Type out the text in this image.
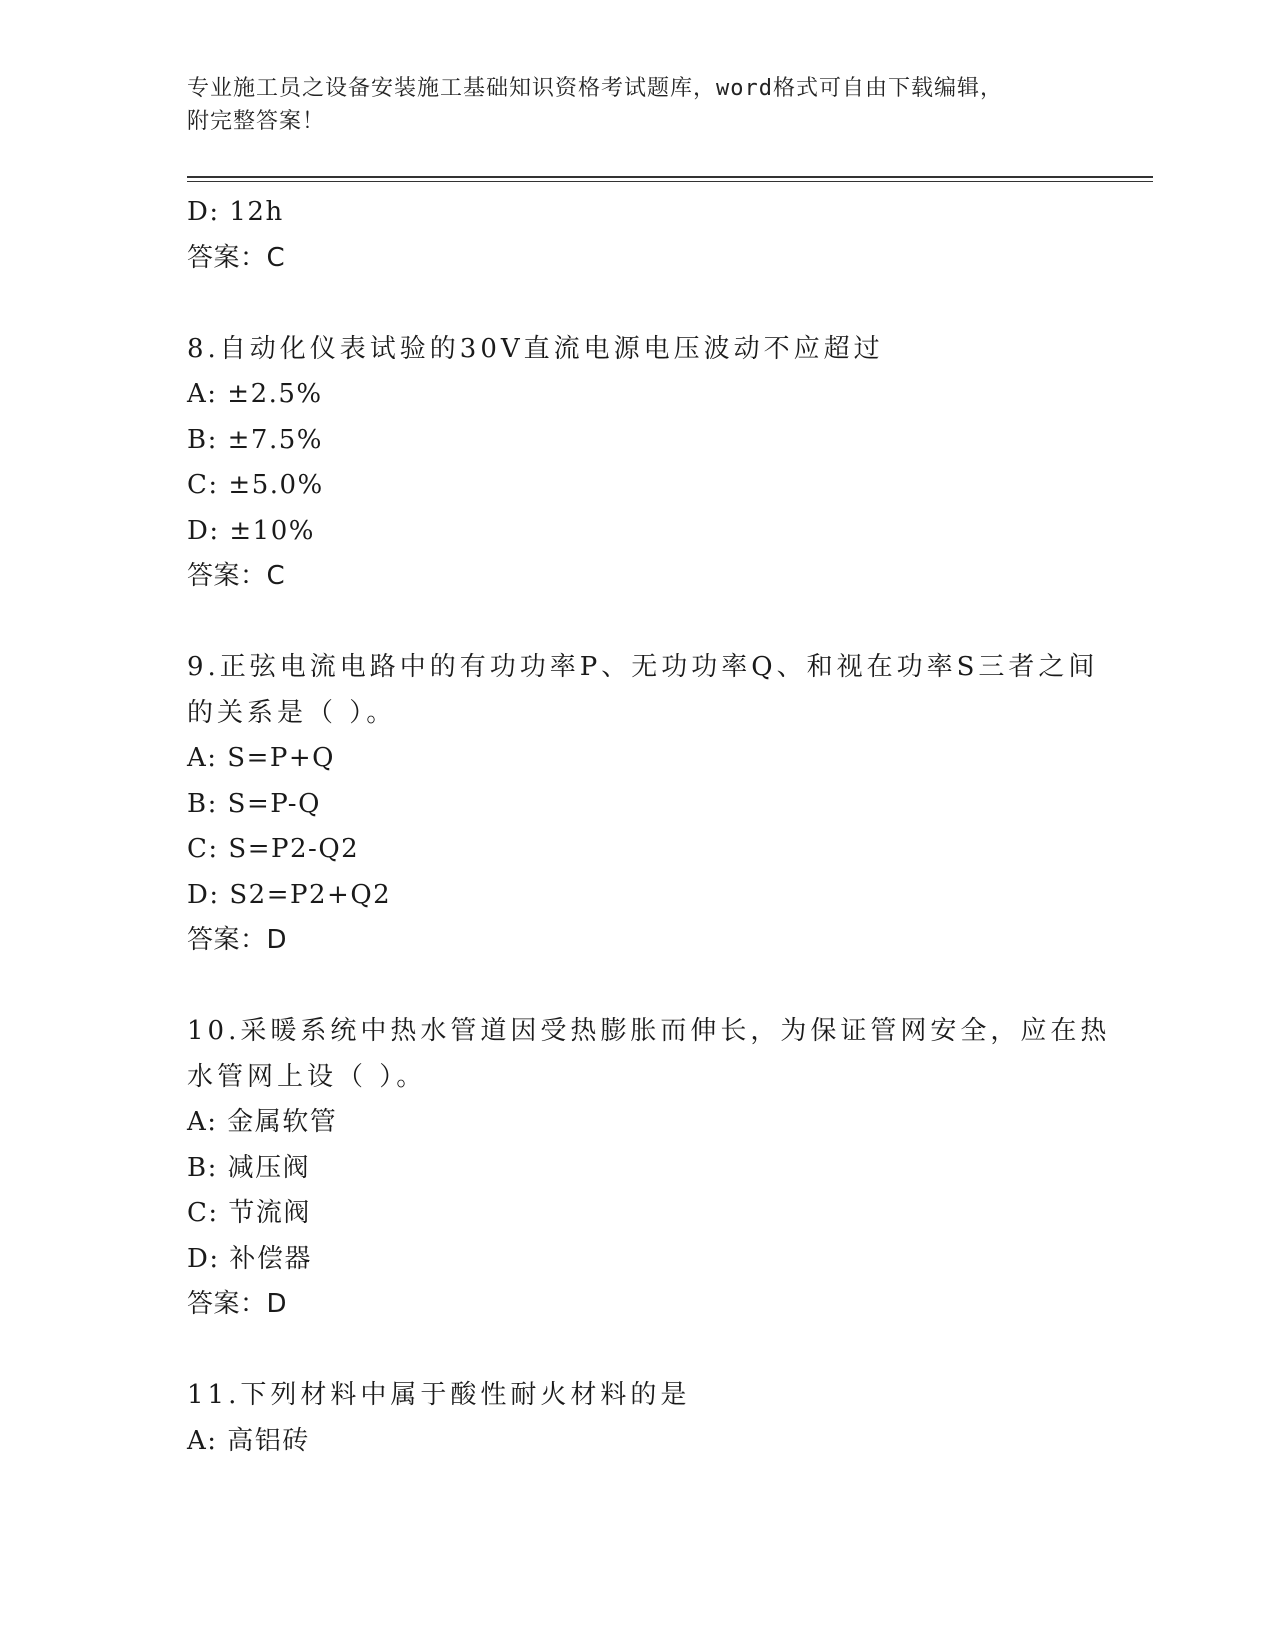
专业施工员之设备安装施工基础知识资格考试题库，word格式可自由下载编辑，
附完整答案！
D: 12h
答案：C
8.自动化仪表试验的30V直流电源电压波动不应超过
A: ±2.5%
B: ±7.5%
C: ±5.0%
D: ±10%
答案：C
9.正弦电流电路中的有功功率P、无功功率Q、和视在功率S三者之间
的关系是（ ）。
A: S=P+Q
B: S=P-Q
C: S=P2-Q2
D: S2=P2+Q2
答案：D
10.采暖系统中热水管道因受热膨胀而伸长，为保证管网安全，应在热
水管网上设（ ）。
A: 金属软管
B: 减压阀
C: 节流阀
D: 补偿器
答案：D
11.下列材料中属于酸性耐火材料的是
A: 高铝砖
